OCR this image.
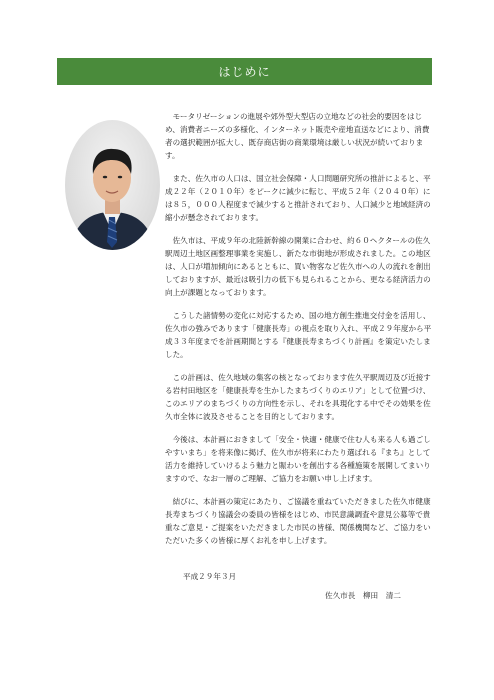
はじめに

モータリゼーションの進展や郊外型大型店の立地などの社会的要因をはじめ、消費者ニーズの多様化、インターネット販売や産地直送などにより、消費者の選択範囲が拡大し、既存商店街の商業環境は厳しい状況が続いております。

また、佐久市の人口は、国立社会保障・人口問題研究所の推計によると、平成２２年（２０１０年）をピークに減少に転じ、平成５２年（２０４０年）には８５，０００人程度まで減少すると推計されており、人口減少と地域経済の縮小が懸念されております。

佐久市は、平成９年の北陸新幹線の開業に合わせ、約６０ヘクタールの佐久駅周辺土地区画整理事業を実施し、新たな市街地が形成されました。この地区は、人口が増加傾向にあるとともに、買い物客など佐久市への人の流れを創出しておりますが、最近は吸引力の低下も見られることから、更なる経済活力の向上が課題となっております。

こうした諸情勢の変化に対応するため、国の地方創生推進交付金を活用し、佐久市の強みであります「健康長寿」の視点を取り入れ、平成２９年度から平成３３年度までを計画期間とする『健康長寿まちづくり計画』を策定いたしました。

この計画は、佐久地域の集客の核となっております佐久平駅周辺及び近接する岩村田地区を「健康長寿を生かしたまちづくりのエリア」として位置づけ、このエリアのまちづくりの方向性を示し、それを具現化する中でその効果を佐久市全体に波及させることを目的としております。

今後は、本計画におきまして「安全・快適・健康で住む人も来る人も過ごしやすいまち」を将来像に掲げ、佐久市が将来にわたり選ばれる『まち』として活力を維持していけるよう魅力と賑わいを創出する各種施策を展開してまいりますので、なお一層のご理解、ご協力をお願い申し上げます。

結びに、本計画の策定にあたり、ご協議を重ねていただきました佐久市健康長寿まちづくり協議会の委員の皆様をはじめ、市民意識調査や意見公募等で貴重なご意見・ご提案をいただきました市民の皆様、関係機関など、ご協力をいただいた多くの皆様に厚くお礼を申し上げます。

平成２９年３月
佐久市長　柳田　清二
